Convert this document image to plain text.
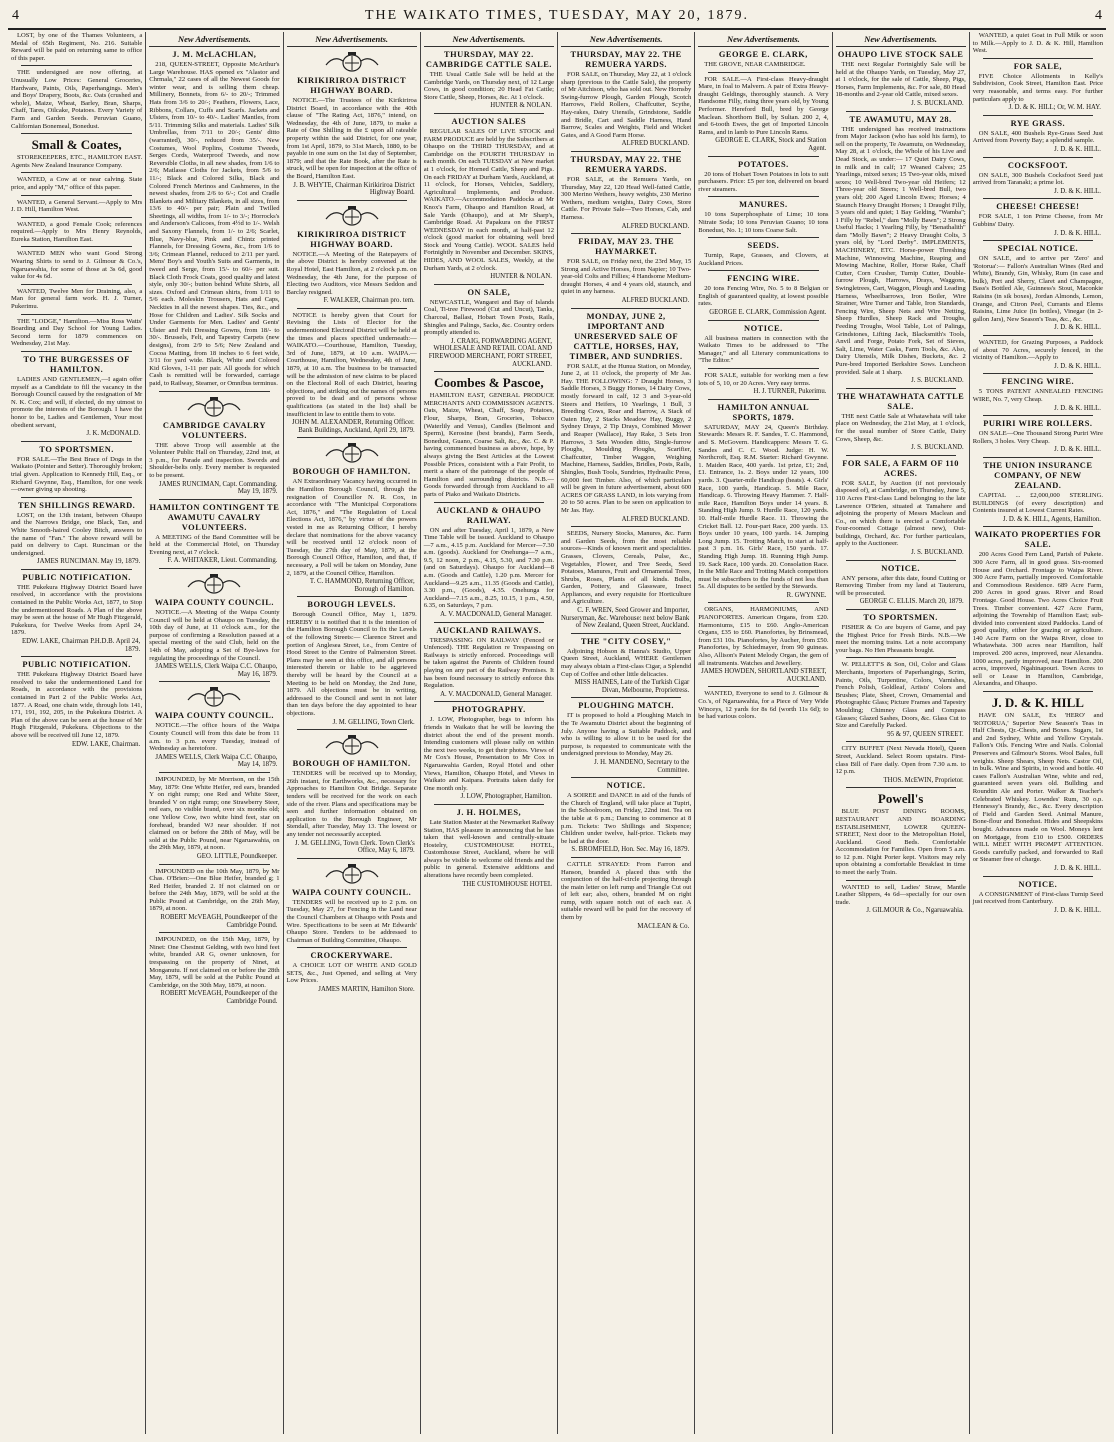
4	THE WAIKATO TIMES, TUESDAY, MAY 20, 1879.	4

LOST, by one of the Thames Volunteers, a Medal of 65th Regiment, No. 216. Suitable Reward will be paid on returning same to office of this paper.

THE undersigned are now offering, at Unusually Low Prices: General Groceries, Hardware, Paints, Oils, Paperhangings. Men's and Boys' Drapery, Boots, &c. Oats (crushed and whole), Maize, Wheat, Barley, Bran, Sharps, Chaff, Tares, Oilcake, Potatoes. Every Variety of Farm and Garden Seeds. Peruvian Guano, Californian Bonemeal, Bonedust.

Small & Coates,

STOREKEEPERS, ETC., HAMILTON EAST. Agents New Zealand Insurance Company.

WANTED, a Cow at or near calving. State price, and apply "M," office of this paper.

WANTED, a General Servant.—Apply to Mrs J. D. Hill, Hamilton West.

WANTED, a good Female Cook; references required.—Apply to Mrs Henry Reynolds, Eureka Station, Hamilton East.

WANTED MEN who want Good Strong Wearing Shirts to send to J. Gilmour & Co.'s, Ngaruawahia, for some of those at 3s 6d, good value for 4s 6d.

WANTED, Twelve Men for Draining, also, a Man for general farm work. H. J. Turner, Pukerimu.

THE "LODGE," Hamilton.—Miss Ross Watts' Boarding and Day School for Young Ladies. Second term for 1879 commences on Wednesday, 21st May.

TO THE BURGESSES OF HAMILTON.

LADIES AND GENTLEMEN,—I again offer myself as a Candidate to fill the vacancy in the Borough Council caused by the resignation of Mr N. K. Cox; and will, if elected, do my utmost to promote the interests of the Borough. I have the honor to be, Ladies and Gentlemen, Your most obedient servant,

J. K. McDONALD.
TO SPORTSMEN.

FOR SALE.—The Best Brace of Dogs in the Waikato (Pointer and Setter). Thoroughly broken; trial given. Application to Kennedy Hill, Esq., or Richard Gwynne, Esq., Hamilton, for one week—owner giving up shooting.

TEN SHILLINGS REWARD.

LOST, on the 13th instant, between Ohaupo and the Narrows Bridge, one Black, Tan, and White Smooth-haired Cooley Bitch, answers to the name of "Fan." The above reward will be paid on delivery to Capt. Runciman or the undersigned.

JAMES RUNCIMAN. May 19, 1879.
PUBLIC NOTIFICATION.

THE Pukekura Highway District Board have resolved, in accordance with the provisions contained in the Public Works Act, 1877, to Stop the undermentioned Roads. A Plan of the above may be seen at the house of Mr Hugh Fitzgerald, Pukekura, for Twelve Weeks from April 24, 1879.

EDW. LAKE, Chairman P.H.D.B. April 24, 1879.
PUBLIC NOTIFICATION.

THE Pukekura Highway District Board have resolved to take the undermentioned Land for Roads, in accordance with the provisions contained in Part 2 of the Public Works Act, 1877. A Road, one chain wide, through lots 141, 171, 191, 192, 205, in the Pukekura District. A Plan of the above can be seen at the house of Mr Hugh Fitzgerald, Pukekura. Objections to the above will be received till June 12, 1879.

EDW. LAKE, Chairman.
New Advertisements.
J. M. McLACHLAN,

218, QUEEN-STREET, Opposite McArthur's Large Warehouse. HAS opened ex "Alastor and Chrmala," 22 cases of all the Newest Goods for winter wear, and is selling them cheap. Millinery, Bonnets, from 6/- to 20/-; Trimmed Hats from 3/6 to 20/-; Feathers, Flowers, Lace, Ribbons, Collars, Cuffs and Scarfs. Jackets and Ulsters, from 10/- to 40/-. Ladies' Mantles, from 5/11. Trimming Silks and materials. Ladies' Silk Umbrellas, from 7/11 to 20/-; Gents' ditto (warranted), 30/-, reduced from 35/-. New Costumes, Wool Poplins, Costume Tweeds, Serges Cords, Waterproof Tweeds, and now Reversible Cloths, in all new shades, from 1/6 to 2/6; Matlasse Cloths for Jackets, from 5/6 to 11/-; Black and Colored Silks, Black and Colored French Merinos and Cashmeres, in the newest shades, from 2/6 to 6/-; Cot and Cradle Blankets and Military Blankets, in all sizes, from 13/6 to 40/- per pair; Plain and Twilled Sheetings, all widths, from 1/- to 3/-; Horrocks's and Anderson's Calicoes, from 4½d to 1/-. Welsh and Saxony Flannels, from 1/- to 2/6; Scarlet, Blue, Navy-blue, Pink and Chintz printed Flannels, for Dressing Gowns, &c., from 1/6 to 3/6; Crimean Flannel, reduced to 2/11 per yard. Mens' Boy's and Youth's Suits and Garments, in tweed and Serge, from 15/- to 60/- per suit. Black Cloth Frock Coats, good quality and latest style, only 30/-; button behind White Shirts, all sizes. Oxford and Crimean shirts, from 1/11 to 5/6 each. Moleskin Trousers, Hats and Caps, Neckties in all the newest shapes. Ties, &c., and Hose for Children and Ladies'. Silk Socks and Under Garments for Men. Ladies' and Gents' Ulster and Felt Dressing Gowns, from 18/- to 30/-. Brussels, Felt, and Tapestry Carpets (new designs), from 2/9 to 5/6; New Zealand and Cocoa Matting, from 18 inches to 6 feet wide, 3/11 for yard wide. Black, White and Colored Kid Gloves, 1-11 per pair. All goods for which Cash is remitted will be forwarded, carriage paid, to Railway, Steamer, or Omnibus terminus.

CAMBRIDGE CAVALRY VOLUNTEERS.

THE above Troop will assemble at the Volunteer Public Hall on Thursday, 22nd inst, at 3 p.m., for Parade and inspection. Swords and Shoulder-belts only. Every member is requested to be present.

JAMES RUNCIMAN, Capt. Commanding. May 19, 1879.
HAMILTON CONTINGENT TE AWAMUTU CAVALRY VOLUNTEERS.

A MEETING of the Band Committee will be held at the Commercial Hotel, on Thursday Evening next, at 7 o'clock.

F. A. WHITAKER, Lieut. Commanding.
WAIPA COUNTY COUNCIL.

NOTICE.—A Meeting of the Waipa County Council will be held at Ohaupo on Tuesday, the 10th day of June, at 11 o'clock a.m., for the purpose of confirming a Resolution passed at a special meeting of the said Club, held on the 14th of May, adopting a Set of Bye-laws for regulating the proceedings of the Council.

JAMES WELLS, Clerk Waipa C.C. Ohaupo, May 16, 1879.
WAIPA COUNTY COUNCIL.

NOTICE.—The office hours of the Waipa County Council will from this date be from 11 a.m. to 3 p.m. every Tuesday, instead of Wednesday as heretofore.

JAMES WELLS, Clerk Waipa C.C. Ohaupo, May 14, 1879.

IMPOUNDED, by Mr Morrison, on the 15th May, 1879: One White Heifer, red ears, branded Y on right rump; one Red and White Steer, branded V on right rump; one Strawberry Steer, red ears, no visible brand, over six months old; one Yellow Cow, two white hind feet, star on forehead, branded WJ near shoulder. If not claimed on or before the 28th of May, will be sold at the Public Pound, near Ngaruawahia, on the 29th May, 1879, at noon.

GEO. LITTLE, Poundkeeper.

IMPOUNDED on the 10th May, 1879, by Mr Chas. O'Brien:—One Blue Heifer, branded g; 1 Red Heifer, branded 2. If not claimed on or before the 24th May, 1879, will be sold at the Public Pound at Cambridge, on the 26th May, 1879, at noon.

ROBERT McVEAGH, Poundkeeper of the Cambridge Pound.

IMPOUNDED, on the 15th May, 1879, by Ninet: One Chestnut Gelding, with two hind feet white, branded AR G, owner unknown, for trespassing on the property of Ninet, at Monganutu. If not claimed on or before the 28th May, 1879, will be sold at the Public Pound at Cambridge, on the 30th May, 1879, at noon.

ROBERT McVEAGH, Poundkeeper of the Cambridge Pound.
New Advertisements.
KIRIKIRIROA DISTRICT HIGHWAY BOARD.

NOTICE.—The Trustees of the Kirikiriroa District Board, in accordance with the 40th clause of "The Rating Act, 1876," intend, on Wednesday, the 4th of June, 1879, to make a Rate of One Shilling in the £ upon all rateable property within the said District, for one year, from 1st April, 1879, to 31st March, 1880, to be payable in one sum on the 1st day of September, 1879; and that the Rate Book, after the Rate is struck, will be open for inspection at the office of the Board, Hamilton East.

J. B. WHYTE, Chairman Kirikiriroa District Highway Board.
KIRIKIRIROA DISTRICT HIGHWAY BOARD.

NOTICE.—A Meeting of the Ratepayers of the above District is hereby convened at the Royal Hotel, East Hamilton, at 2 o'clock p.m. on Wednesday, the 4th June, for the purpose of Electing two Auditors, vice Messrs Seddon and Barclay resigned.

F. WALKER, Chairman pro. tem.

NOTICE is hereby given that Court for Revising the Lists of Elector for the undermentioned Electoral District will be held at the times and places specified underneath:— WAIKATO.—Courthouse, Hamilton, Tuesday, 3rd of June, 1879, at 10 a.m. WAIPA.—Courthouse, Hamilton, Wednesday, 4th of June, 1879, at 10 a.m. The business to be transacted will be the admission of new claims to be placed on the Electoral Roll of each District, hearing objections, and striking out the names of persons proved to be dead and of persons whose qualifications (as stated in the list) shall be insufficient in law to entitle them to vote.

JOHN M. ALEXANDER, Returning Officer. Bank Buildings, Auckland, April 29, 1879.
BOROUGH OF HAMILTON.

AN Extraordinary Vacancy having occurred in the Hamilton Borough Council, through the resignation of Councillor N. R. Cox, in accordance with "The Municipal Corporations Act, 1876," and "The Regulation of Local Elections Act, 1876," by virtue of the powers vested in me as Returning Officer, I hereby declare that nominations for the above vacancy will be received until 12 o'clock noon of Tuesday, the 27th day of May, 1879, at the Borough Council Office, Hamilton, and that, if necessary, a Poll will be taken on Monday, June 2, 1879, at the Council Office, Hamilton.

T. C. HAMMOND, Returning Officer, Borough of Hamilton.
BOROUGH LEVELS.

Borough Council Office, May 1, 1879. HEREBY it is notified that it is the intention of the Hamilton Borough Council to fix the Levels of the following Streets:— Clarence Street and portion of Anglesea Street, i.e., from Centre of Hood Street to the Centre of Palmerston Street. Plans may be seen at this office, and all persons interested therein or liable to be aggrieved thereby will be heard by the Council at a Meeting to be held on Monday, the 2nd June, 1879. All objections must be in writing, addressed to the Council and sent in not later than ten days before the day appointed to hear objections.

J. M. GELLING, Town Clerk.
BOROUGH OF HAMILTON.

TENDERS will be received up to Monday, 26th instant, for Earthworks, &c., necessary for Approaches to Hamilton Out Bridge. Separate tenders will be received for the work on each side of the river. Plans and specifications may be seen and further information obtained on application to the Borough Engineer, Mr Stendall, after Tuesday, May 13. The lowest or any tender not necessarily accepted.

J. M. GELLING, Town Clerk. Town Clerk's Office, May 6, 1879.
WAIPA COUNTY COUNCIL.

TENDERS will be received up to 2 p.m. on Tuesday, May 27, for Fencing in the Land near the Council Chambers at Ohaupo with Posts and Wire. Specifications to be seen at Mr Edwards' Ohaupo Store. Tenders to be addressed to Chairman of Building Committee, Ohaupo.

CROCKERYWARE.

A CHOICE LOT OF WHITE AND GOLD SETS, &c., Just Opened, and selling at Very Low Prices.

JAMES MARTIN, Hamilton Store.
New Advertisements.
THURSDAY, MAY 22. CAMBRIDGE CATTLE SALE.

THE Usual Cattle Sale will be held at the Cambridge Yards, on Thursday next, of 12 Large Cows, in good condition; 20 Head Fat Cattle; Store Cattle, Sheep, Horses, &c. At 1 o'clock.

HUNTER & NOLAN.
AUCTION SALES

REGULAR SALES OF LIVE STOCK and FARM PRODUCE are held by the Subscribers at Ohaupo on the THIRD THURSDAY, and at Cambridge on the FOURTH THURSDAY in each month. On each TUESDAY at New market at 1 o'clock, for Horned Cattle, Sheep and Pigs. On each FRIDAY at Durham Yards, Auckland, at 11 o'clock, for Horses, Vehicles, Saddlery, Agricultural Implements, and Produce. WAIKATO.—Accommodation Paddocks at Mr Knox's Farm, Ohaupo and Hamilton Road, at Sale Yards (Ohaupo), and at Mr Sharp's, Cambridge Road. At Papakura on the FIRST WEDNESDAY in each month, at half-past 12 o'clock (good market for obtaining well bred Stock and Young Cattle). WOOL SALES held Fortnightly in November and December. SKINS, HIDES, AND WOOL SALES, Weekly, at the Durham Yards, at 2 o'clock.

HUNTER & NOLAN.
ON SALE,

NEWCASTLE, Wangarei and Bay of Islands Coal, Ti-tree Firewood (Cut and Uncut), Tanks, Charcoal, Ballast, Hobart Town Posts, Rails, Shingles and Palings, Sacks, &c. Country orders promptly attended to.

J. CRAIG, FORWARDING AGENT, WHOLESALE AND RETAIL COAL AND FIREWOOD MERCHANT, FORT STREET, AUCKLAND.
Coombes & Pascoe,

HAMILTON EAST, GENERAL PRODUCE MERCHANTS AND COMMISSION AGENTS. Oats, Maize, Wheat, Chaff, Soap, Potatoes, Flour, Sharps, Bran, Groceries, Tobacco (Waterlily and Venus), Candles (Belmont and Sperm), Kerosine (best brands), Farm Seeds, Bonedust, Guano, Coarse Salt, &c., &c. C. & P. having commenced business as above, hope, by always giving the Best Articles at the Lowest Possible Prices, consistent with a Fair Profit, to merit a share of the patronage of the people of Hamilton and surrounding districts. N.B.—Goods forwarded through from Auckland to all parts of Piako and Waikato Districts.

AUCKLAND & OHAUPO RAILWAY.

ON and after Tuesday, April 1, 1879, a New Time Table will be issued. Auckland to Ohaupo—7 a.m., 4.15 p.m. Auckland for Mercer—7.30 a.m. (goods). Auckland for Onehunga—7 a.m., 9.5, 12 noon, 2 p.m., 4.15, 5.30, and 7.30 p.m. (and on Saturdays). Ohaupo for Auckland—8 a.m. (Goods and Cattle), 1.20 p.m. Mercer for Auckland—9.25 a.m., 11.35 (Goods and Cattle), 3.30 p.m., (Goods), 4.35. Onehunga for Auckland—7.15 a.m., 8.25, 10.15, 1 p.m., 4.50, 6.35, on Saturdays, 7 p.m.

A. V. MACDONALD, General Manager.
AUCKLAND RAILWAYS.

TRESPASSING ON RAILWAY (Fenced or Unfenced). THE Regulation re Trespassing on Railways is strictly enforced. Proceedings will be taken against the Parents of Children found playing on any part of the Railway Premises. It has been found necessary to strictly enforce this Regulation.

A. V. MACDONALD, General Manager.
PHOTOGRAPHY.

J. LOW, Photographer, begs to inform his friends in Waikato that he will be leaving the district about the end of the present month. Intending customers will please rally on within the next two weeks, to get their photos. Views of Mr Cox's House, Presentation to Mr Cox in Ngaruawahia Garden, Royal Hotel and other Views, Hamilton, Ohaupo Hotel, and Views in Waikato and Kaipara. Portraits taken daily for One month only.

J. LOW, Photographer, Hamilton.
J. H. HOLMES,

Late Station Master at the Newmarket Railway Station, HAS pleasure in announcing that he has taken that well-known and centrally-situate Hostelry, CUSTOMHOUSE HOTEL, Customhouse Street, Auckland, where he will always be visible to welcome old friends and the public in general. Extensive additions and alterations have recently been completed.

THE CUSTOMHOUSE HOTEL
New Advertisements.
THURSDAY, MAY 22. THE REMUERA YARDS.

FOR SALE, on Thursday, May 22, at 1 o'clock sharp (previous to the Cattle Sale), the property of Mr Aitchison, who has sold out. New Hornsby Swing-furrow Plough, Garden Plough, Scotch Harrows, Field Rollers, Chaffcutter, Scythe, Hay-rakes, Dairy Utensils, Grindstone, Saddle and Bridle, Cart and Saddle Harness, Hand Barrow, Scales and Weights, Field and Wicket Gates, and A Good Farm Horse.

ALFRED BUCKLAND.
THURSDAY, MAY 22. THE REMUERA YARDS.

FOR SALE, at the Remuera Yards, on Thursday, May 22, 120 Head Well-fatted Cattle, 300 Merino Wethers, heavy weights, 230 Merino Wethers, medium weights, Dairy Cows, Store Cattle. For Private Sale—Two Horses, Cab, and Harness.

ALFRED BUCKLAND.
FRIDAY, MAY 23. THE HAYMARKET.

FOR SALE, on Friday next, the 23rd May, 15 Strong and Active Horses, from Napier; 10 Two-year-old Colts and Fillies; 4 Handsome Medium-draught Horses, 4 and 4 years old, staunch, and quiet in any harness.

ALFRED BUCKLAND.
MONDAY, JUNE 2, IMPORTANT AND UNRESERVED SALE OF CATTLE, HORSES, HAY, TIMBER, AND SUNDRIES.

FOR SALE, at the Hunua Station, on Monday, June 2, at 11 o'clock, the property of Mr Jas. Hay. THE FOLLOWING: 7 Draught Horses, 3 Saddle Horses, 3 Buggy Horses, 14 Dairy Cows, mostly forward in calf, 12 3 and 3-year-old Steers and Heifers, 10 Yearlings, 1 Bull, 3 Breeding Cows, Roar and Harrow, A Stack of Oaten Hay, 2 Stacks Meadow Hay, Buggy, 2 Sydney Drays, 2 Tip Drays, Combined Mower and Reaper (Wallace), Hay Rake, 3 Sets Iron Harrows, 3 Sets Wooden ditto, Single-furrow Ploughs, Moulding Ploughs, Scarifier, Chaffcutter, Timber Waggon, Weighing Machine, Harness, Saddles, Bridles, Posts, Rails, Shingles, Bush Tools, Sundries, Hydraulic Press, 60,000 feet Timber. Also, of which particulars will be given in future advertisement, about 600 ACRES OF GRASS LAND, in lots varying from 20 to 50 acres. Plan to be seen on application to Mr Jas. Hay.

ALFRED BUCKLAND.

SEEDS, Nursery Stocks, Manures, &c. Farm and Garden Seeds, from the most reliable sources—Kinds of known merit and specialities. Grasses, Clovers, Cereals, Pulse, &c., Vegetables, Flower, and Tree Seeds, Seed Potatoes, Manures, Fruit and Ornamental Trees, Shrubs, Roses, Plants of all kinds. Bulbs, Garden, Pottery, and Glassware, Insect Appliances, and every requisite for Horticulture and Agriculture.

C. F. WREN, Seed Grower and Importer, Nurseryman, &c. Warehouse: next below Bank of New Zealand, Queen Street, Auckland.
THE "CITY COSEY,"

Adjoining Hobson & Hanna's Studio, Upper Queen Street, Auckland, WHERE Gentlemen may always obtain a First-class Cigar, a Splendid Cup of Coffee and other little delicacies.

MISS HAINES, Late of the Turkish Cigar Divan, Melbourne, Proprietress.
PLOUGHING MATCH.

IT is proposed to hold a Ploughing Match in the Te Awamutu District about the beginning of July. Anyone having a Suitable Paddock, and who is willing to allow it to be used for the purpose, is requested to communicate with the undersigned previous to Monday, May 26.

J. H. MANDENO, Secretary to the Committee.
NOTICE.

A SOIREE and DANCE in aid of the funds of the Church of England, will take place at Tupiri, in the Schoolroom, on Friday, 22nd inst. Tea on the table at 6 p.m.; Dancing to commence at 8 p.m. Tickets: Two Shillings and Sixpence; Children under twelve, half-price. Tickets may be had at the door.

S. BROMFIELD, Hon. Sec. May 16, 1879.

CATTLE STRAYED: From Farron and Hanson, branded A placed thus with the conjunction of the half-circle projecting through the main letter on left rump and Triangle Cut out of left ear; also, others, branded M on right rump, with square notch out of each ear. A suitable reward will be paid for the recovery of them by

MACLEAN & Co.
New Advertisements.
GEORGE E. CLARK,

THE GROVE, NEAR CAMBRIDGE.

FOR SALE.—A First-class Heavy-draught Mare, in foal to Malvern. A pair of Extra Heavy-draught Geldings, thoroughly staunch. A Very Handsome Filly, rising three years old, by Young Performer. Hereford Bull, bred by George Maclean. Shorthorn Bull, by Sultan. 200 2, 4, and 6-tooth Ewes, the get of Imported Lincoln Rams, and in lamb to Pure Lincoln Rams.

GEORGE E. CLARK, Stock and Station Agent.
POTATOES.

20 tons of Hobart Town Potatoes in lots to suit purchasers. Price: £5 per ton, delivered on board river steamers.

MANURES.

10 tons Superphosphate of Lime; 10 tons Nitrate Soda; 10 tons Peruvian Guano; 10 tons Bonedust, No. 1; 10 tons Coarse Salt.

SEEDS.

Turnip, Rape, Grasses, and Clovers, at Auckland Prices.

FENCING WIRE.

20 tons Fencing Wire, No. 5 to 8 Belgian or English of guaranteed quality, at lowest possible rates.

GEORGE E. CLARK, Commission Agent.
NOTICE.

All business matters in connection with the Waikato Times to be addressed to "The Manager," and all Literary communications to "The Editor."

FOR SALE, suitable for working men a few lots of 5, 10, or 20 Acres. Very easy terms.

H. J. TURNER, Pukerimu.
HAMILTON ANNUAL SPORTS, 1879.

SATURDAY, MAY 24, Queen's Birthday. Stewards: Messrs R. F. Sandes, T. C. Hammond, and S. McGovern. Handicappers: Messrs T. G. Sandes and C. C. Wood. Judge: H. W. Northcroft, Esq. R.M. Starter: Richard Gwynne. 1. Maiden Race, 400 yards. 1st prize, £1; 2nd, £1. Entrance, 1s. 2. Boys under 12 years, 100 yards. 3. Quarter-mile Handicap (heats). 4. Girls' Race, 100 yards, Handicap. 5. Mile Race, Handicap. 6. Throwing Heavy Hammer. 7. Half-mile Race, Hamilton Boys under 14 years. 8. Standing High Jump. 9. Hurdle Race, 120 yards. 10. Half-mile Hurdle Race. 11. Throwing the Cricket Ball. 12. Four-part Race, 200 yards. 13. Boys under 10 years, 100 yards. 14. Jumping Long Jump. 15. Trotting Match, to start at half-past 3 p.m. 16. Girls' Race, 150 yards. 17. Standing High Jump. 18. Running High Jump. 19. Sack Race, 100 yards. 20. Consolation Race. In the Mile Race and Trotting Match competitors must be subscribers to the funds of not less than 5s. All disputes to be settled by the Stewards.

R. GWYNNE.

ORGANS, HARMONIUMS, AND PIANOFORTES. American Organs, from £20. Harmoniums, £15 to £60. Anglo-American Organs, £35 to £60. Pianofortes, by Brinsmead, from £31 10s. Pianofortes, by Aucher, from £50. Pianofortes, by Schiedmayer, from 90 guineas. Also, Allison's Patent Melody Organ, the gem of all instruments. Watches and Jewellery.

JAMES HOWDEN, SHORTLAND STREET, AUCKLAND.

WANTED, Everyone to send to J. Gilmour & Co.'s, of Ngaruawahia, for a Piece of Very Wide Winceys, 12 yards for 8s 6d (worth 11s 6d); to be had various colors.

New Advertisements.
OHAUPO LIVE STOCK SALE

THE next Regular Fortnightly Sale will be held at the Ohaupo Yards, on Tuesday, May 27, at 1 o'clock, for the sale of Cattle, Sheep, Pigs, Horses, Farm Implements, &c. For sale, 80 Head 18-months and 2-year old Cattle, mixed sexes.

J. S. BUCKLAND.
TE AWAMUTU, MAY 28.

THE undersigned has received instructions from Major Jackson (who has sold his farm), to sell on the property, Te Awamutu, on Wednesday, May 28, at 1 o'clock, the Whole of his Live and Dead Stock, as under:— 17 Quiet Dairy Cows, in milk and in calf; 17 Weaned Calves; 25 Yearlings, mixed sexes; 15 Two-year olds, mixed sexes; 10 Well-bred Two-year old Heifers; 12 Three-year old Steers; 1 Well-bred Bull, two years old; 200 Aged Lincoln Ewes; Horses; 4 Staunch Heavy Draught Horses; 1 Draught Filly, 3 years old and quiet; 1 Bay Gelding, "Wamba"; 1 Filly by "Rebel," dam "Molly Bawn"; 2 Strong Useful Hacks; 1 Yearling Filly, by "Benathalith" dam "Molly Bawn"; 2 Heavy Draught Colts, 3 years old, by "Lord Derby". IMPLEMENTS, MACHINERY, ETC. Horse-power Threshing Machine, Winnowing Machine, Reaping and Mowing Machine, Roller, Horse Rake, Chaff Cutter, Corn Crusher, Turnip Cutter, Double-furrow Plough, Harrows, Drays, Waggons, Swingletrees, Cart, Waggon, Plough and Leading Harness, Wheelbarrows, Iron Boiler, Wire Strainer, Wire Turner and Table, Iron Standards, Fencing Wire, Sheep Nets and Wire Netting, Sheep Hurdles, Sheep Rack and Troughs, Feeding Troughs, Wool Table, Lot of Palings, Grindstones, Lifting Jack, Blacksmith's Tools, Anvil and Forge, Potato Fork, Set of Sieves, Salt, Lime, Water Casks, Farm Tools, &c. Also, Dairy Utensils, Milk Dishes, Buckets, &c. 2 Pure-bred Imported Berkshire Sows. Luncheon provided. Sale at 1 sharp.

J. S. BUCKLAND.
THE WHATAWHATA CATTLE SALE.

THE next Cattle Sale at Whatawhata will take place on Wednesday, the 21st May, at 1 o'clock, for the usual number of Store Cattle, Dairy Cows, Sheep, &c.

J. S. BUCKLAND.
FOR SALE, A FARM OF 110 ACRES.

FOR SALE, by Auction (if not previously disposed of), at Cambridge, on Thursday, June 5, 110 Acres First-class Land belonging to the late Lawrence O'Brien, situated at Tamahere and adjoining the property of Messrs Maclean and Co., on which there is erected a Comfortable Four-roomed Cottage (almost new), Out-buildings, Orchard, &c. For further particulars, apply to the Auctioneer.

J. S. BUCKLAND.
NOTICE.

ANY persons, after this date, found Cutting or Removing Timber from my land at Tauteruru, will be prosecuted.

GEORGE C. ELLIS. March 20, 1879.
TO SPORTSMEN.

FISHER & Co are buyers of Game, and pay the Highest Price for Fresh Birds. N.B.—We meet the morning trains. Let a note accompany your bags. No Hen Pheasants bought.

W. PELLETT'S & Son, Oil, Color and Glass Merchants, Importers of Paperhangings, Scrim, Paints, Oils, Turpentine, Colors, Varnishes, French Polish, Goldleaf, Artists' Colors and Brushes; Plate, Sheet, Crown, Ornamental and Photographic Glass; Picture Frames and Tapestry Moulding; Chimney Glass and Compass Glasses; Glazed Sashes, Doors, &c. Glass Cut to Size and Carefully Packed.

95 & 97, QUEEN STREET.

CITY BUFFET (Next Nevada Hotel), Queen Street, Auckland. Select Room upstairs. First-class Bill of Fare daily. Open from 7.30 a.m. to 12 p.m.

THOS. McEWIN, Proprietor.
Powell's

BLUE POST DINING ROOMS, RESTAURANT AND BOARDING ESTABLISHMENT, LOWER QUEEN-STREET, Next door to the Metropolitan Hotel, Auckland. Good Beds. Comfortable Accommodation for Families. Open from 5 a.m. to 12 p.m. Night Porter kept. Visitors may rely upon obtaining a comfortable Breakfast in time to meet the early Train.

WANTED to sell, Ladies' Straw, Mantle Leather Slippers, 4s 6d—specially for our own trade.

J. GILMOUR & Co., Ngaruawahia.

WANTED, a quiet Goat in Full Milk or soon to Milk.—Apply to J. D. & K. Hill, Hamilton West.

FOR SALE,

FIVE Choice Allotments in Kelly's Subdivision, Cook Street, Hamilton East. Price very reasonable, and terms easy. For further particulars apply to

J. D. & K. HILL; Or, W. M. HAY.
RYE GRASS.

ON SALE, 400 Bushels Rye-Grass Seed Just Arrived from Poverty Bay; a splendid sample.

J. D. & K. HILL.
COCKSFOOT.

ON SALE, 300 Bushels Cocksfoot Seed just arrived from Taranaki; a prime lot.

J. D. & K. HILL.
CHEESE! CHEESE!

FOR SALE, 1 ton Prime Cheese, from Mr Gubbins' Dairy.

J. D. & K. HILL.
SPECIAL NOTICE.

ON SALE, and to arrive per 'Zero' and 'Rotorua':— Fallon's Australian Wines (Red and White), Brandy, Gin, Whisky, Rum (in case and bulk), Port and Sherry, Claret and Champagne, Bass's Bottled Ale, Guinness's Stout, Maconkie Raisins (in sik boxes), Jordan Almonds, Lemon, Orange, and Citron Peel, Currants and Elems Raisins, Lime Juice (in bottles), Vinegar (in 2-gallon Jars), New Season's Teas, &c., &c.

J. D. & K. HILL.

WANTED, for Grazing Purposes, a Paddock of about 70 Acres, securely fenced, in the vicinity of Hamilton.—Apply to

J. D. & K. HILL.
FENCING WIRE.

5 TONS PATENT ANNEALED FENCING WIRE, No. 7, very Cheap.

J. D. & K. HILL.
PURIRI WIRE ROLLERS.

ON SALE—One Thousand Strong Puriri Wire Rollers, 3 holes. Very Cheap.

J. D. & K. HILL.
THE UNION INSURANCE COMPANY, OF NEW ZEALAND.

CAPITAL ... £2,000,000 STERLING. BUILDINGS (of every description) and Contents insured at Lowest Current Rates.

J. D. & K. HILL, Agents, Hamilton.
WAIKATO PROPERTIES FOR SALE.

200 Acres Good Fern Land, Parish of Pukete. 300 Acre Farm, all in good grass. Six-roomed House and Orchard. Frontage to Waipa River. 300 Acre Farm, partially improved. Comfortable and Commodious Residence. 689 Acre Farm, 200 Acres in good grass. River and Road Frontage. Good House. Two Acres Choice Fruit Trees. Timber convenient. 427 Acre Farm, adjoining the Township of Hamilton East; sub-divided into convenient sized Paddocks. Land of good quality, either for grazing or agriculture. 140 Acre Farm on the Waipa River, close to Whatawhata. 300 acres near Hamilton, half improved. 200 acres, improved, near Alexandra. 1000 acres, partly improved, near Hamilton. 200 acres, improved, Ngahinapouri. Town Acres to sell or Lease in Hamilton, Cambridge, Alexandra, and Ohaupo.

J. D. & K. HILL

HAVE ON SALE, Ex 'HERO' and 'ROTORUA,' Superior New Season's Teas in Half Chests, Qr.-Chests, and Boxes. Sugars, 1st and 2nd Sydney, White and Yellow Crystals. Fallon's Oils. Fencing Wire and Nails. Colonial Preserves and Gilmour's Stores. Wool Bales, full weights. Sheep Shears, Sheep Nets. Castor Oil, in bulk. Wine and Spirits, in wood and bottle. 40 cases Fallon's Australian Wine, white and red, guaranteed seven years old. Bullding and Roundtin Ale and Porter. Walker & Teacher's Celebrated Whiskey. Lowndes' Rum, 30 o.p. Hennessy's Brandy, &c., &c. Every description of Field and Garden Seed. Animal Manure, Bone-flour and Bonedust. Hides and Sheepskins bought. Advances made on Wool. Moneys lent on Mortgage, from £10 to £500. ORDERS WILL MEET WITH PROMPT ATTENTION. Goods carefully packed, and forwarded to Rail or Steamer free of charge.

J. D. & K. HILL.
NOTICE.

A CONSIGNMENT of First-class Turnip Seed just received from Canterbury.

J. D. & K. HILL.
